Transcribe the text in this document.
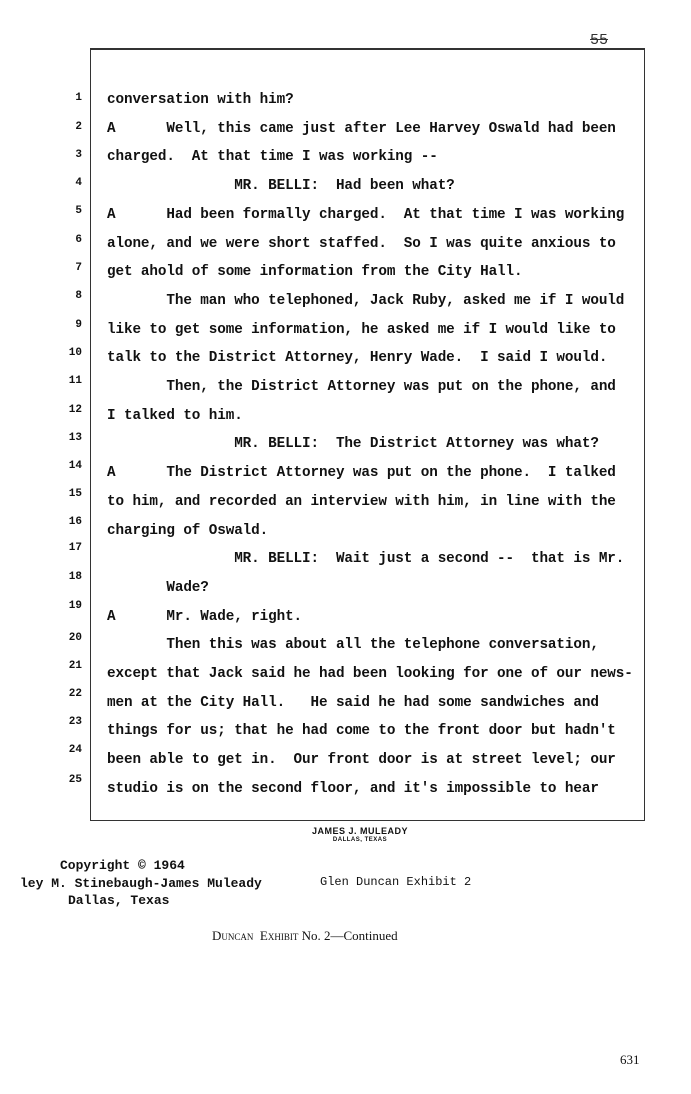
55
1
2
3
4
5
6
7
8
9
10
11
12
13
14
15
16
17
18
19
20
21
22
23
24
25
conversation with him?
A      Well, this came just after Lee Harvey Oswald had been
charged.  At that time I was working --
MR. BELLI:  Had been what?
A      Had been formally charged.  At that time I was working
alone, and we were short staffed.  So I was quite anxious to
get ahold of some information from the City Hall.
The man who telephoned, Jack Ruby, asked me if I would
like to get some information, he asked me if I would like to
talk to the District Attorney, Henry Wade.  I said I would.
Then, the District Attorney was put on the phone, and
I talked to him.
MR. BELLI:  The District Attorney was what?
A      The District Attorney was put on the phone.  I talked
to him, and recorded an interview with him, in line with the
charging of Oswald.
MR. BELLI:  Wait just a second --  that is Mr.
Wade?
A      Mr. Wade, right.
Then this was about all the telephone conversation,
except that Jack said he had been looking for one of our news-
men at the City Hall.   He said he had some sandwiches and
things for us; that he had come to the front door but hadn't
been able to get in.  Our front door is at street level; our
studio is on the second floor, and it's impossible to hear
JAMES J. MULEADY
DALLAS, TEXAS
Copyright © 1964
ley M. Stinebaugh-James Muleady
Dallas, Texas
Glen Duncan Exhibit 2
Duncan Exhibit No. 2—Continued
631
